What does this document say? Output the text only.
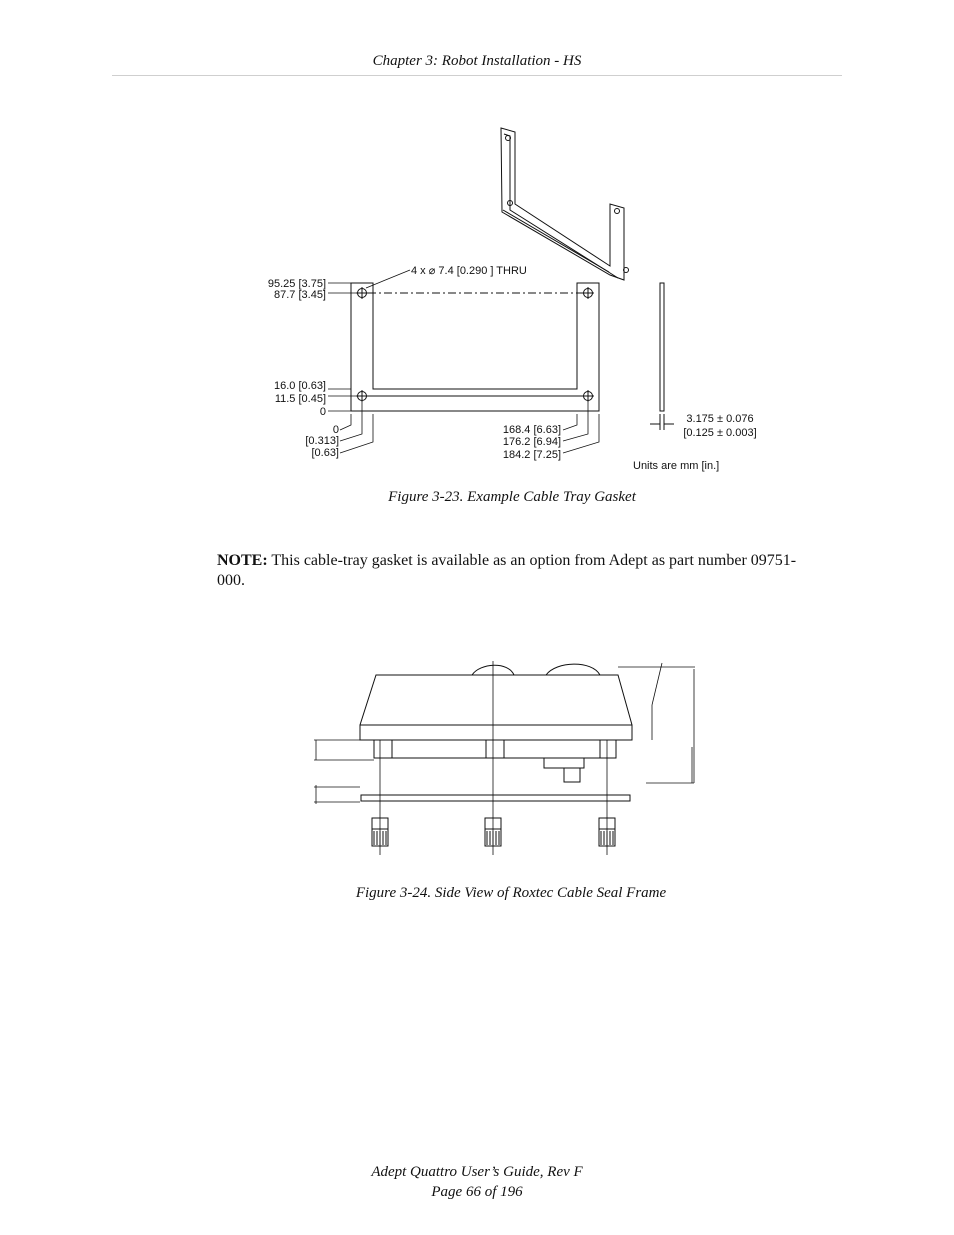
Chapter 3: Robot Installation - HS
4 x ⌀ 7.4 [0.290 ] THRU
95.25 [3.75]
87.7 [3.45]
16.0 [0.63]
11.5 [0.45]
0
0
[0.313]
[0.63]
168.4 [6.63]
176.2 [6.94]
184.2 [7.25]
3.175 ± 0.076
[0.125 ± 0.003]
Units are mm [in.]
Figure 3-23. Example Cable Tray Gasket
NOTE: This cable-tray gasket is available as an option from Adept as part number 09751-000.
Figure 3-24. Side View of Roxtec Cable Seal Frame
Adept Quattro User’s Guide, Rev F
Page 66 of 196
